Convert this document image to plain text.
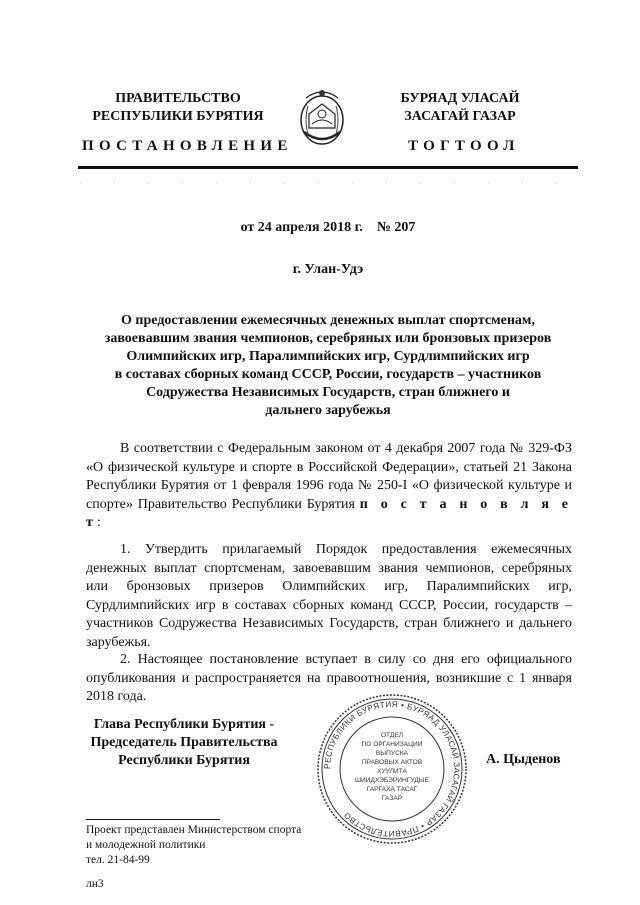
ПРАВИТЕЛЬСТВО
РЕСПУБЛИКИ БУРЯТИЯ
БУРЯАД УЛАСАЙ
ЗАСАГАЙ ГАЗАР
ПОСТАНОВЛЕНИЕ	ТОГТООЛ
от 24 апреля 2018 г.    № 207
г. Улан-Удэ
О предоставлении ежемесячных денежных выплат спортсменам,
завоевавшим звания чемпионов, серебряных или бронзовых призеров
Олимпийских игр, Паралимпийских игр, Сурдлимпийских игр
в составах сборных команд СССР, России, государств – участников
Содружества Независимых Государств, стран ближнего и
дальнего зарубежья
В соответствии с Федеральным законом от 4 декабря 2007 года № 329-ФЗ «О физической культуре и спорте в Российской Федерации», статьей 21 Закона Республики Бурятия от 1 февраля 1996 года № 250-I «О физической культуре и спорте» Правительство Республики Бурятия п о с т а н о в л я е т:
1. Утвердить прилагаемый Порядок предоставления ежемесячных денежных выплат спортсменам, завоевавшим звания чемпионов, серебряных или бронзовых призеров Олимпийских игр, Паралимпийских игр, Сурдлимпийских игр в составах сборных команд СССР, России, государств – участников Содружества Независимых Государств, стран ближнего и дальнего зарубежья.
2. Настоящее постановление вступает в силу со дня его официального опубликования и распространяется на правоотношения, возникшие с 1 января 2018 года.
Глава Республики Бурятия -
Председатель Правительства
Республики Бурятия	РЕСПУБЛИКИ БУРЯТИЯ • БУРЯАД УЛАСАЙ ЗАСАГАЙ ГАЗАР • ПРАВИТЕЛЬСТВО
ОТДЕЛ
ПО ОРГАНИЗАЦИИ
ВЫПУСКА
ПРАВОВЫХ АКТОВ
ХУУЛИТА
ШИИДХЭБЭРИНГУДЫЕ
ГАРГАХА ТАСАГ
ГАЗАР
А. Цыденов
Проект представлен Министерством спорта
и молодежной политики
тел. 21-84-99
лн3
